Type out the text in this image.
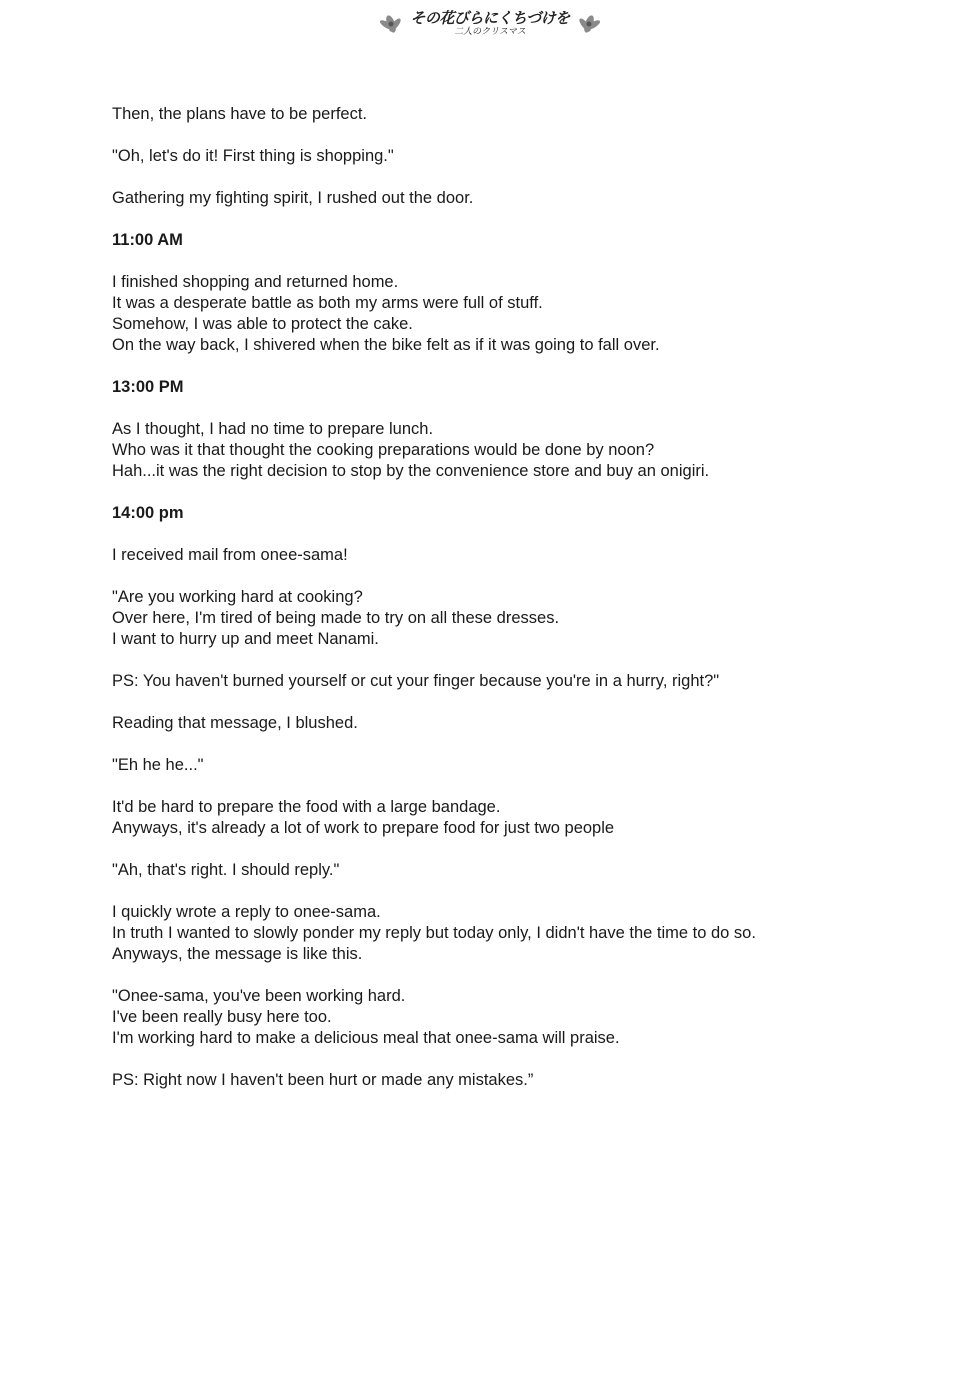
その花びらにくちづけを
二人のクリスマス

Then, the plans have to be perfect.

"Oh, let's do it! First thing is shopping."

Gathering my fighting spirit, I rushed out the door.

11:00 AM

I finished shopping and returned home.
It was a desperate battle as both my arms were full of stuff.
Somehow, I was able to protect the cake.
On the way back, I shivered when the bike felt as if it was going to fall over.

13:00 PM

As I thought, I had no time to prepare lunch.
Who was it that thought the cooking preparations would be done by noon?
Hah...it was the right decision to stop by the convenience store and buy an onigiri.

14:00 pm

I received mail from onee-sama!

"Are you working hard at cooking?
Over here, I'm tired of being made to try on all these dresses.
I want to hurry up and meet Nanami.

PS: You haven't burned yourself or cut your finger because you're in a hurry, right?"

Reading that message, I blushed.

"Eh he he..."

It'd be hard to prepare the food with a large bandage.
Anyways, it's already a lot of work to prepare food for just two people

"Ah, that's right. I should reply."

I quickly wrote a reply to onee-sama.
In truth I wanted to slowly ponder my reply but today only, I didn't have the time to do so.
Anyways, the message is like this.

"Onee-sama, you've been working hard.
I've been really busy here too.
I'm working hard to make a delicious meal that onee-sama will praise.

PS: Right now I haven't been hurt or made any mistakes.”
